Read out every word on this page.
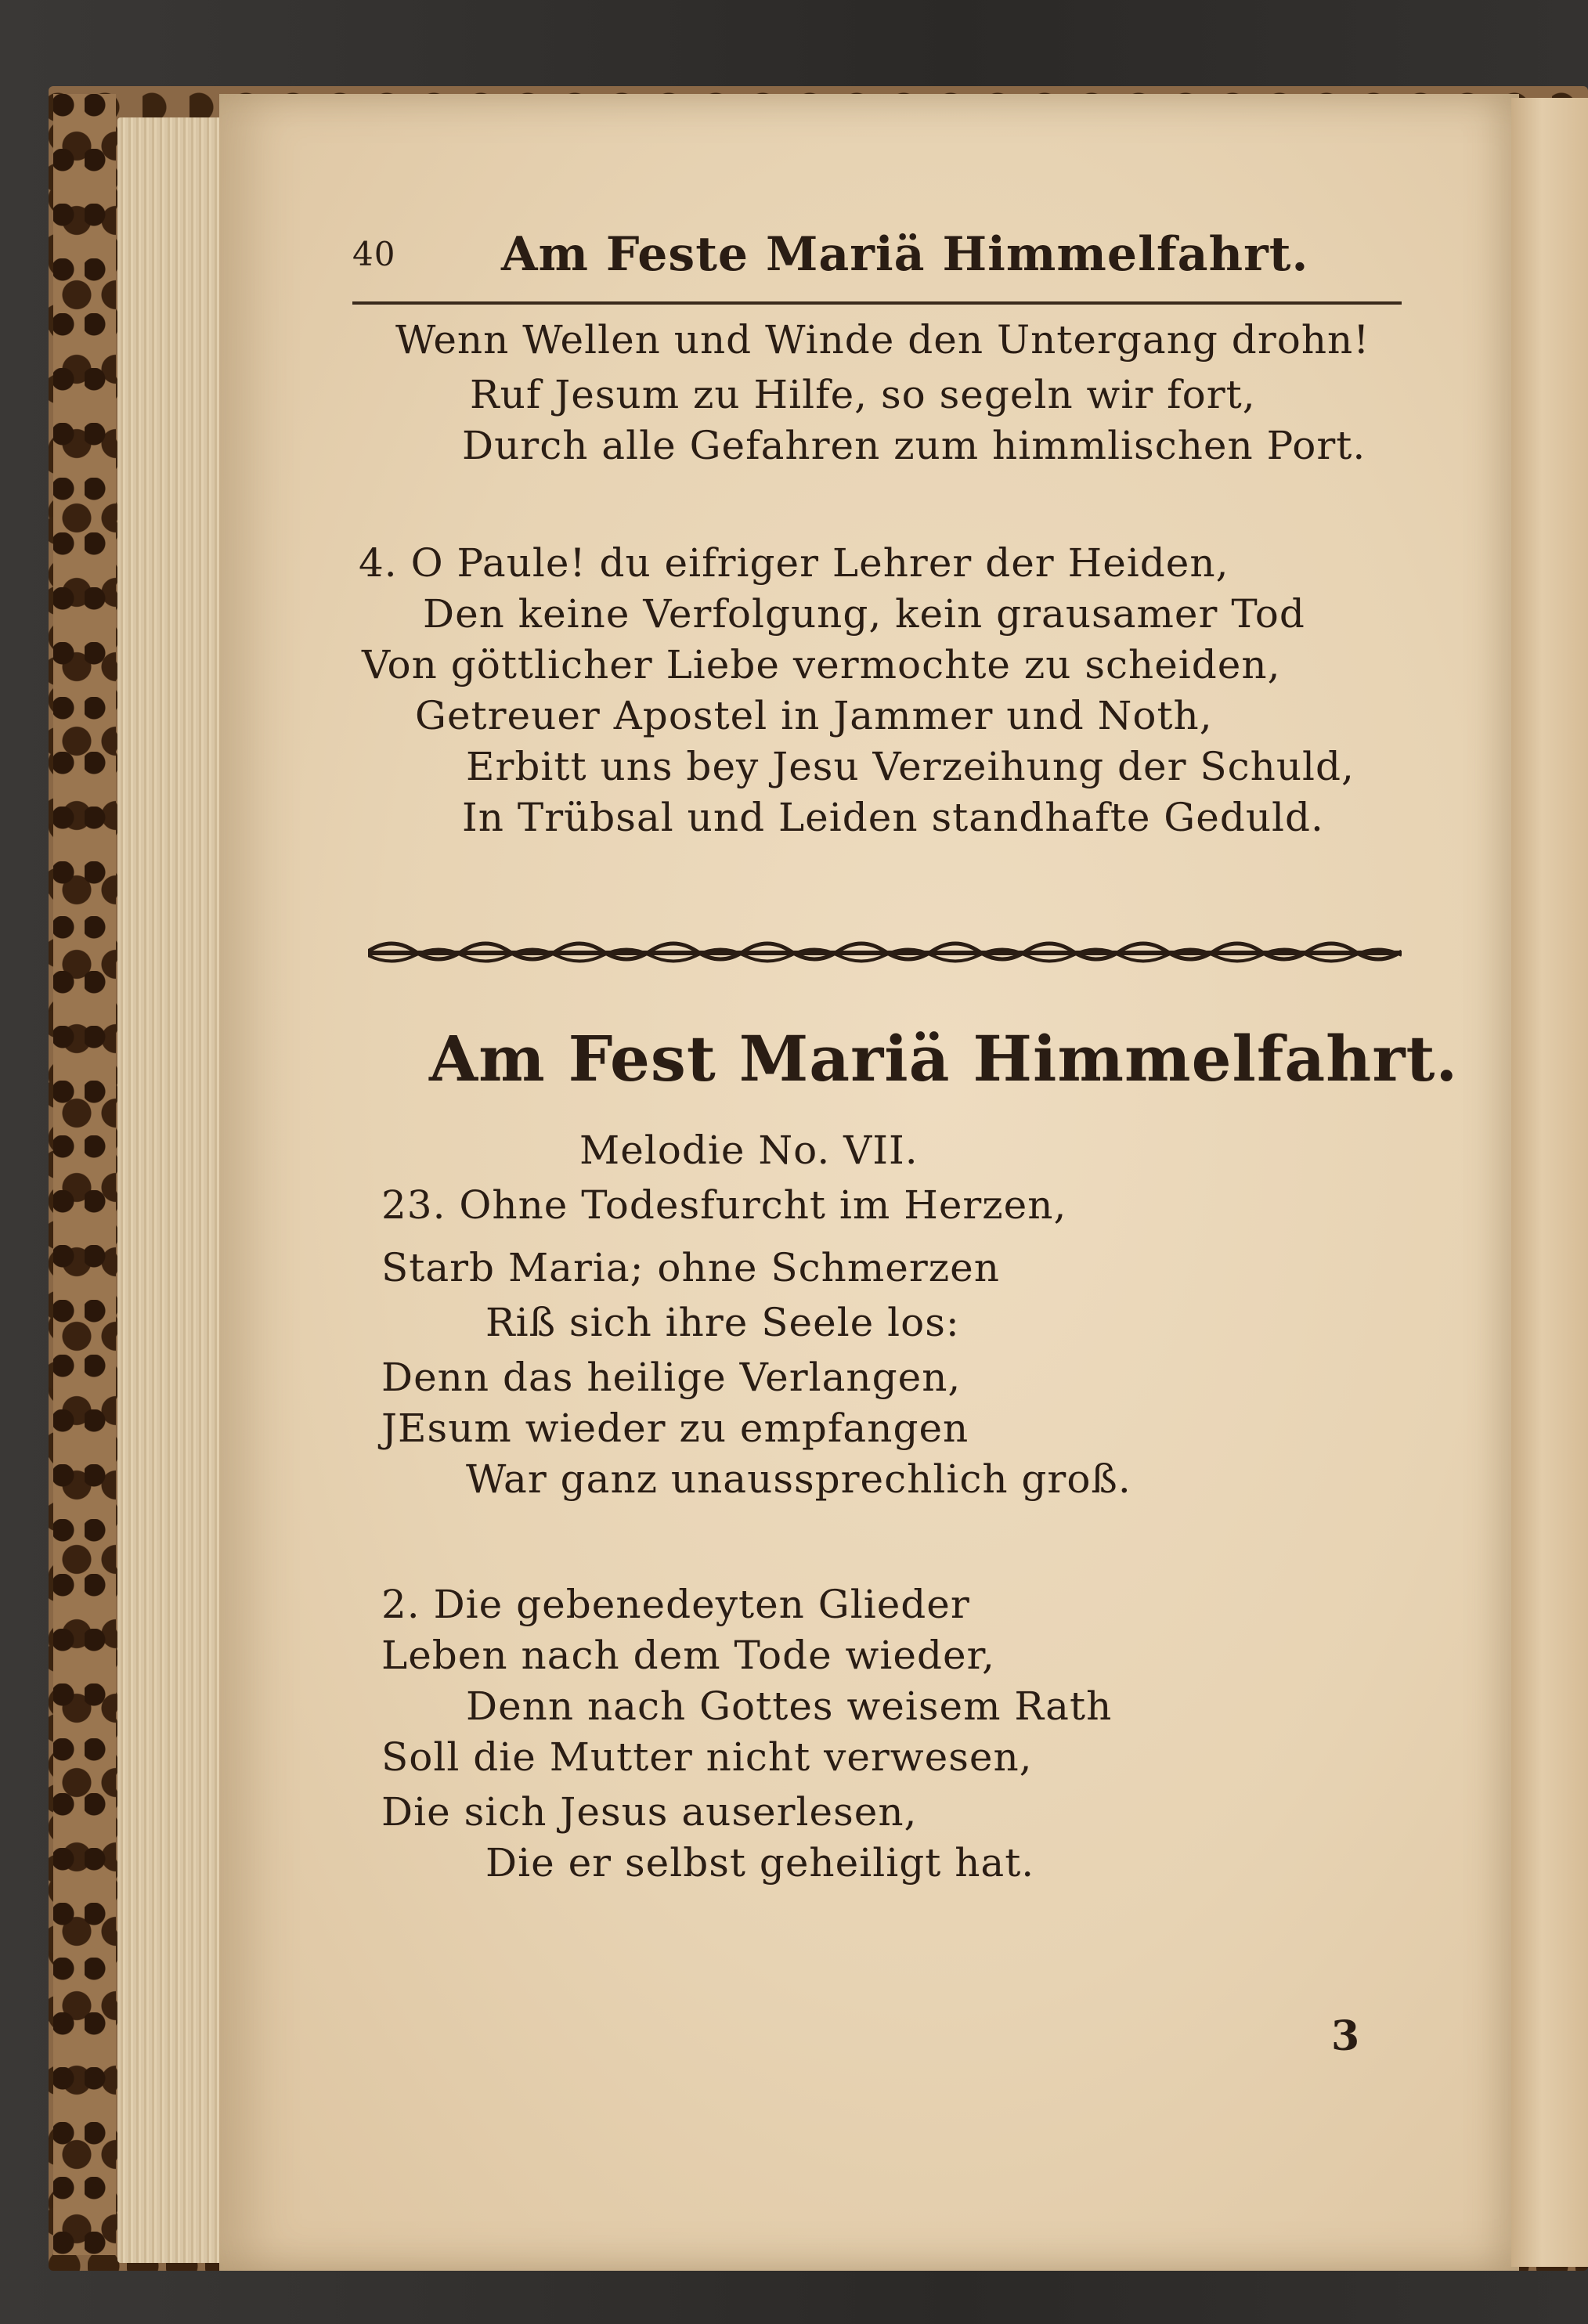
40 Am Feste Mariä Himmelfahrt.
Wenn Wellen und Winde den Untergang drohn!
Ruf Jesum zu Hilfe, so segeln wir fort,
Durch alle Gefahren zum himmlischen Port.
4. O Paule! du eifriger Lehrer der Heiden,
Den keine Verfolgung, kein grausamer Tod
Von göttlicher Liebe vermochte zu scheiden,
Getreuer Apostel in Jammer und Noth,
Erbitt uns bey Jesu Verzeihung der Schuld,
In Trübsal und Leiden standhafte Geduld.
Am Fest Mariä Himmelfahrt.
Melodie No. VII.
23. Ohne Todesfurcht im Herzen,
Starb Maria; ohne Schmerzen
Riß sich ihre Seele los:
Denn das heilige Verlangen,
JEsum wieder zu empfangen
War ganz unaussprechlich groß.
2. Die gebenedeyten Glieder
Leben nach dem Tode wieder,
Denn nach Gottes weisem Rath
Soll die Mutter nicht verwesen,
Die sich Jesus auserlesen,
Die er selbst geheiligt hat.
3
